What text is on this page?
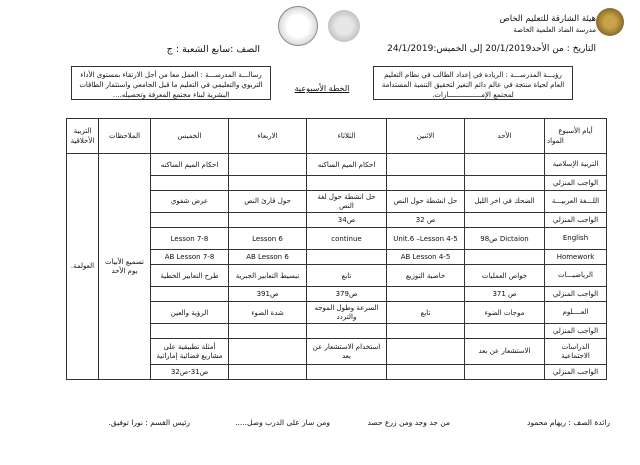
هيئة الشارقة للتعليم الخاص
مدرسة الضاد العلمية الخاصة
التاريخ : من الأحد20/1/2019 إلى الخميس:24/1/2019
الصف :سابع الشعبة : ج
رؤيـــة المدرســـة : الريادة في إعداد الطالب في نظام التعليم العام لحياة منتجة في عالم دائم التغير لتحقيق التنمية المستدامة لمجتمع الإمــــــــــــــــارات.
رسالـــة المدرســـة : العمل معا من أجل الارتقاء بمستوى الأداء التربوي والتعليمي في التعليم ما قبل الجامعي واستثمار الطاقات البشرية لبناء مجتمع المعرفة وتحصيله....
الخطة الأسبوعية
أيام الأسبوع
المواد	الأحد	الاثنين	الثلاثاء	الاربعاء	الخميس	الملاحظات	التربية الأخلاقية
التربية الإسلامية			احكام الميم الساكنه		احكام الميم الساكنه	تسميع الأبيات يوم الأحد	العولمة.
الواجب المنزلي							
اللـــغة العربيـــة	الضحك في اخر الليل	حل انشطة حول النص	حل انشطة حول لغة النص	حول قارئ النص	عرض شفوي		
الواجب المنزلي		ص 32	ص34				
English	ص98 Dictaion	Unit.6 –Lesson 4-5	continue	Lesson 6	Lesson 7-8		
Homework		AB Lesson 4-5		AB Lesson 6	AB Lesson 7-8		
الرياضيـــات	خواص العمليات	خاصية التوزيع	تابع	تبسيط التعابير الجبرية	طرح التعابير الخطية		
الواجب المنزلي	ص 371		ص379	ص391			
العــــلوم	موجات الضوء	تابع	السرعة وطول الموجه والتردد	شدة الضوء	الرؤية والعين		
الواجب المنزلي							
الدراسات الاجتماعية	الاستشعار عن بعد		استخدام الاستشعار عن بعد		أمثلة تطبيقية على مشاريع فضائية إماراتية		
الواجب المنزلي					ص31-ص32		
رائدة الصف : ريهام محمود
من جد وجد ومن زرع حصد
ومن سار على الدرب وصل.....
رئيس القسم : نورا توفيق.
